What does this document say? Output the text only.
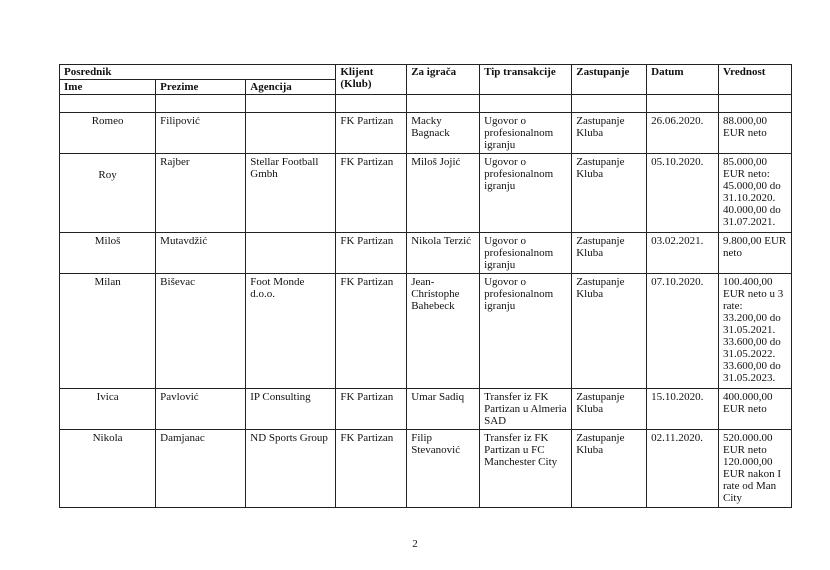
Posrednik			Klijent (Klub)	Za igrača	Tip transakcije	Zastupanje	Datum	Vrednost
Ime	Prezime	Agencija						

Romeo	Filipović		FK Partizan	Macky Bagnack	Ugovor o profesionalnom igranju	Zastupanje Kluba	26.06.2020.	88.000,00 EUR neto
Roy	Rajber	Stellar Football Gmbh	FK Partizan	Miloš Jojić	Ugovor o profesionalnom igranju	Zastupanje Kluba	05.10.2020.	85.000,00 EUR neto: 45.000,00 do 31.10.2020. 40.000,00 do 31.07.2021.
Miloš	Mutavdžić		FK Partizan	Nikola Terzić	Ugovor o profesionalnom igranju	Zastupanje Kluba	03.02.2021.	9.800,00 EUR neto
Milan	Biševac	Foot Monde d.o.o.	FK Partizan	Jean-Christophe Bahebeck	Ugovor o profesionalnom igranju	Zastupanje Kluba	07.10.2020.	100.400,00 EUR neto u 3 rate: 33.200,00 do 31.05.2021. 33.600,00 do 31.05.2022. 33.600,00 do 31.05.2023.
Ivica	Pavlović	IP Consulting	FK Partizan	Umar Sadiq	Transfer iz FK Partizan u Almeria SAD	Zastupanje Kluba	15.10.2020.	400.000,00 EUR neto
Nikola	Damjanac	ND Sports Group	FK Partizan	Filip Stevanović	Transfer iz FK Partizan u FC Manchester City	Zastupanje Kluba	02.11.2020.	520.000.00 EUR neto 120.000,00 EUR nakon I rate od Man City
2
